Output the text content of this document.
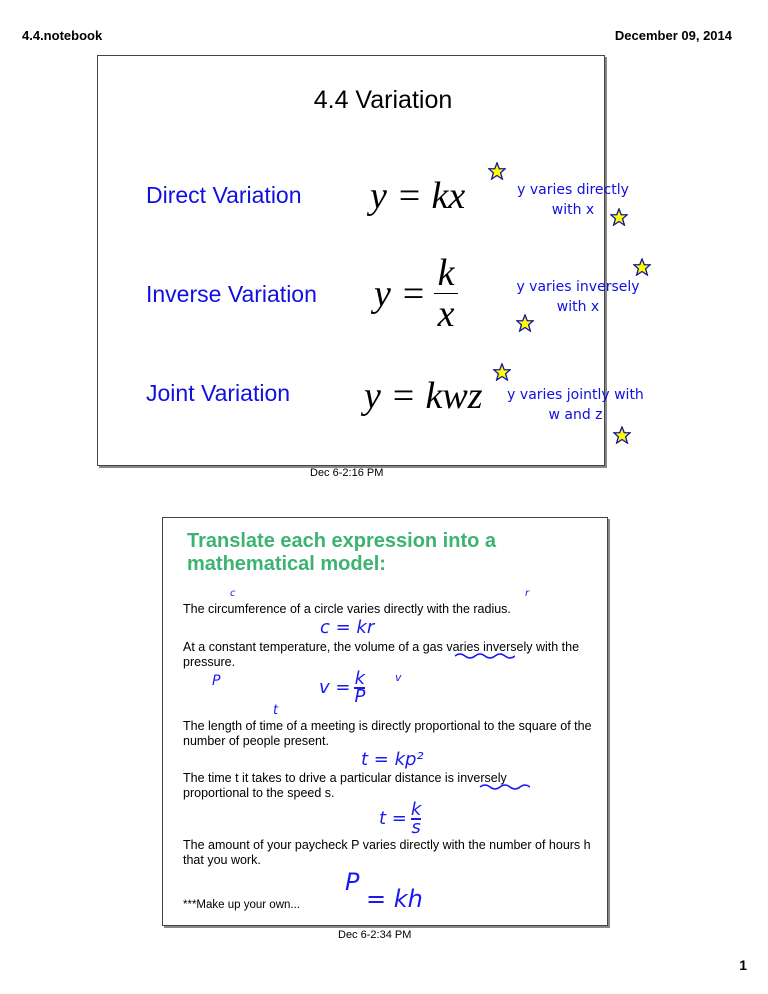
4.4.notebook	December 09, 2014
4.4 Variation
Direct Variation y = kx	y varies directly
with x
Inverse Variation $y = \frac{k}{x}$	y varies inversely
with x
Joint Variation y = kwz	y varies jointly with
w and z
Dec 6-2:16 PM
Translate each expression into a mathematical model:
The circumference of a circle varies directly with the radius.
At a constant temperature, the volume of a gas varies inversely with the pressure.
The length of time of a meeting is directly proportional to the square of the number of people present.
The time t it takes to drive a particular distance is inversely proportional to the speed s.
The amount of your paycheck P varies directly with the number of hours h that you work.
***Make up your own...
c	r
c = kr
v
P	$v = \frac{k}{P}$
t
t = kp²
$t = \frac{k}{s}$
P
= kh
Dec 6-2:34 PM
1
